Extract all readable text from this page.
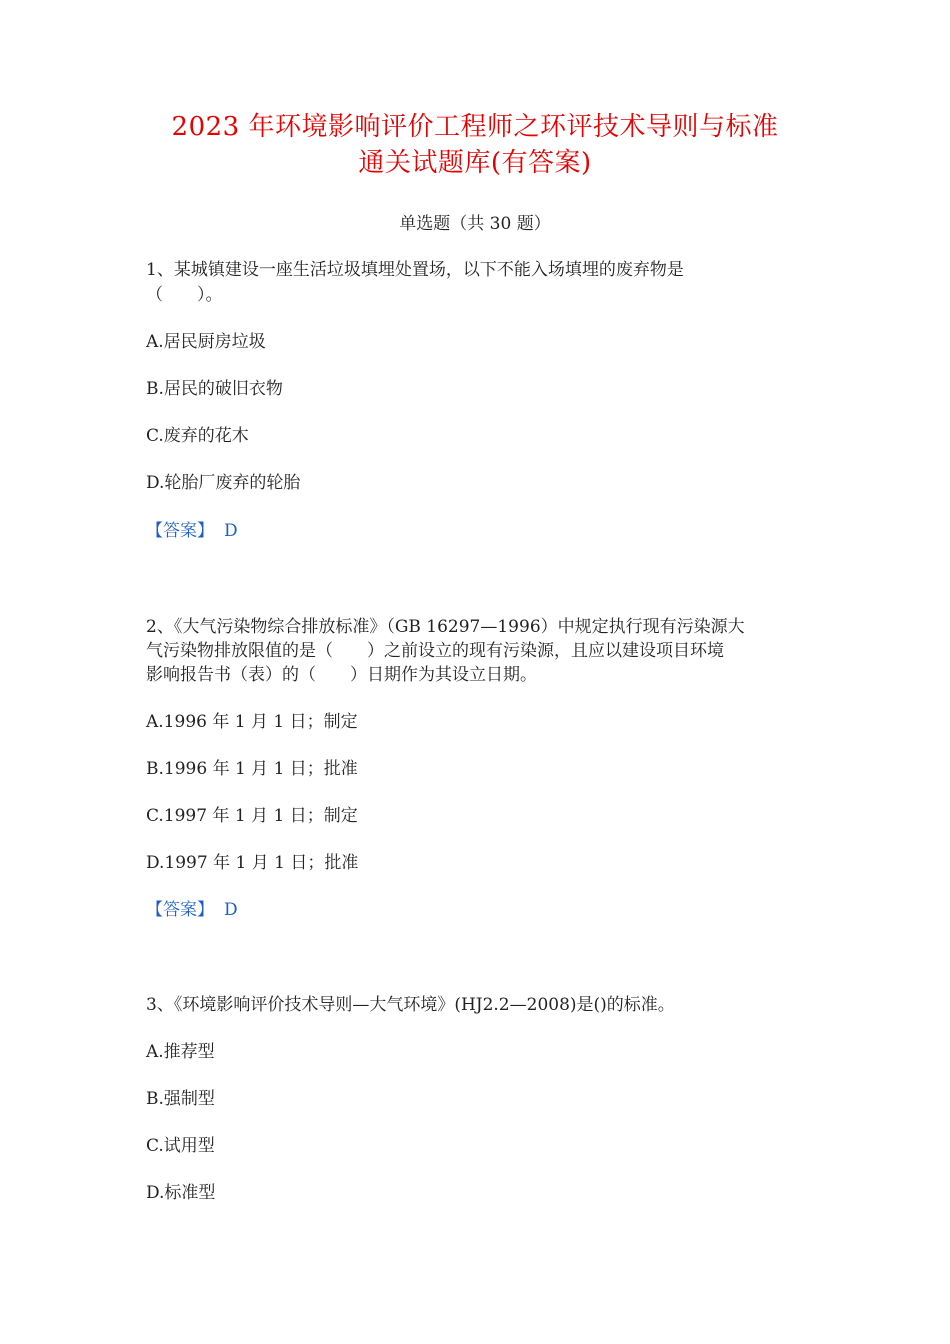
2023 年环境影响评价工程师之环评技术导则与标准
通关试题库(有答案)
单选题（共 30 题）
1、某城镇建设一座生活垃圾填埋处置场，以下不能入场填埋的废弃物是
（　　）。
A.居民厨房垃圾
B.居民的破旧衣物
C.废弃的花木
D.轮胎厂废弃的轮胎
【答案】 D
2、《大气污染物综合排放标准》（GB 16297—1996）中规定执行现有污染源大
气污染物排放限值的是（　　）之前设立的现有污染源，且应以建设项目环境
影响报告书（表）的（　　）日期作为其设立日期。
A.1996 年 1 月 1 日；制定
B.1996 年 1 月 1 日；批准
C.1997 年 1 月 1 日；制定
D.1997 年 1 月 1 日；批准
【答案】 D
3、《环境影响评价技术导则—大气环境》(HJ2.2—2008)是()的标准。
A.推荐型
B.强制型
C.试用型
D.标准型
